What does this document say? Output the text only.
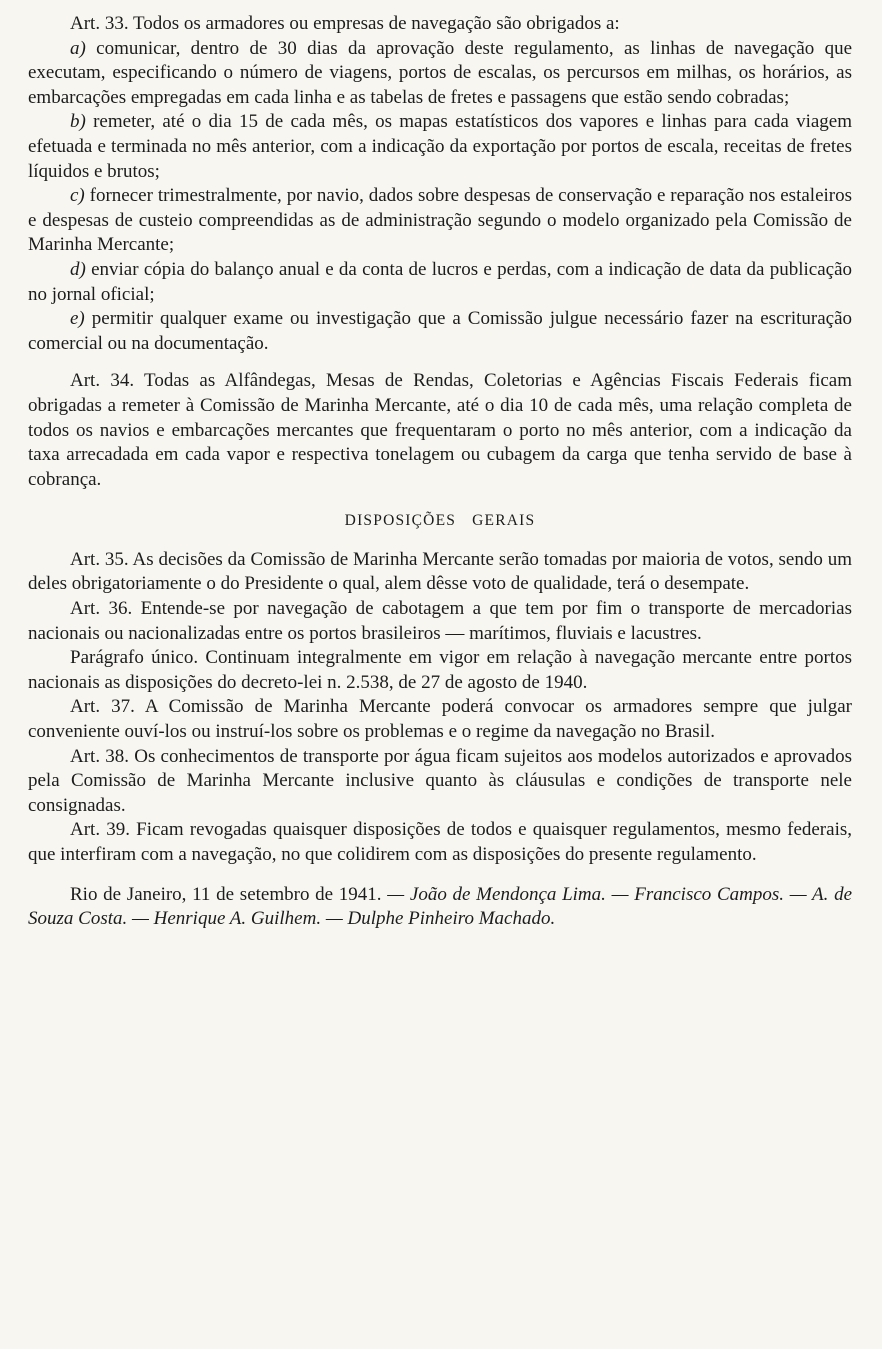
Art. 33. Todos os armadores ou empresas de navegação são obrigados a:

a) comunicar, dentro de 30 dias da aprovação deste regulamento, as linhas de navegação que executam, especificando o número de viagens, portos de escalas, os percursos em milhas, os horários, as embarcações empregadas em cada linha e as tabelas de fretes e passagens que estão sendo cobradas;

b) remeter, até o dia 15 de cada mês, os mapas estatísticos dos vapores e linhas para cada viagem efetuada e terminada no mês anterior, com a indicação da exportação por portos de escala, receitas de fretes líquidos e brutos;

c) fornecer trimestralmente, por navio, dados sobre despesas de conservação e reparação nos estaleiros e despesas de custeio compreendidas as de administração segundo o modelo organizado pela Comissão de Marinha Mercante;

d) enviar cópia do balanço anual e da conta de lucros e perdas, com a indicação de data da publicação no jornal oficial;

e) permitir qualquer exame ou investigação que a Comissão julgue necessário fazer na escrituração comercial ou na documentação.

Art. 34. Todas as Alfândegas, Mesas de Rendas, Coletorias e Agências Fiscais Federais ficam obrigadas a remeter à Comissão de Marinha Mercante, até o dia 10 de cada mês, uma relação completa de todos os navios e embarcações mercantes que frequentaram o porto no mês anterior, com a indicação da taxa arrecadada em cada vapor e respectiva tonelagem ou cubagem da carga que tenha servido de base à cobrança.

DISPOSIÇÕES GERAIS

Art. 35. As decisões da Comissão de Marinha Mercante serão tomadas por maioria de votos, sendo um deles obrigatoriamente o do Presidente o qual, alem dêsse voto de qualidade, terá o desempate.

Art. 36. Entende-se por navegação de cabotagem a que tem por fim o transporte de mercadorias nacionais ou nacionalizadas entre os portos brasileiros — marítimos, fluviais e lacustres.

Parágrafo único. Continuam integralmente em vigor em relação à navegação mercante entre portos nacionais as disposições do decreto-lei n. 2.538, de 27 de agosto de 1940.

Art. 37. A Comissão de Marinha Mercante poderá convocar os armadores sempre que julgar conveniente ouví-los ou instruí-los sobre os problemas e o regime da navegação no Brasil.

Art. 38. Os conhecimentos de transporte por água ficam sujeitos aos modelos autorizados e aprovados pela Comissão de Marinha Mercante inclusive quanto às cláusulas e condições de transporte nele consignadas.

Art. 39. Ficam revogadas quaisquer disposições de todos e quaisquer regulamentos, mesmo federais, que interfiram com a navegação, no que colidirem com as disposições do presente regulamento.

Rio de Janeiro, 11 de setembro de 1941. — João de Mendonça Lima. — Francisco Campos. — A. de Souza Costa. — Henrique A. Guilhem. — Dulphe Pinheiro Machado.
